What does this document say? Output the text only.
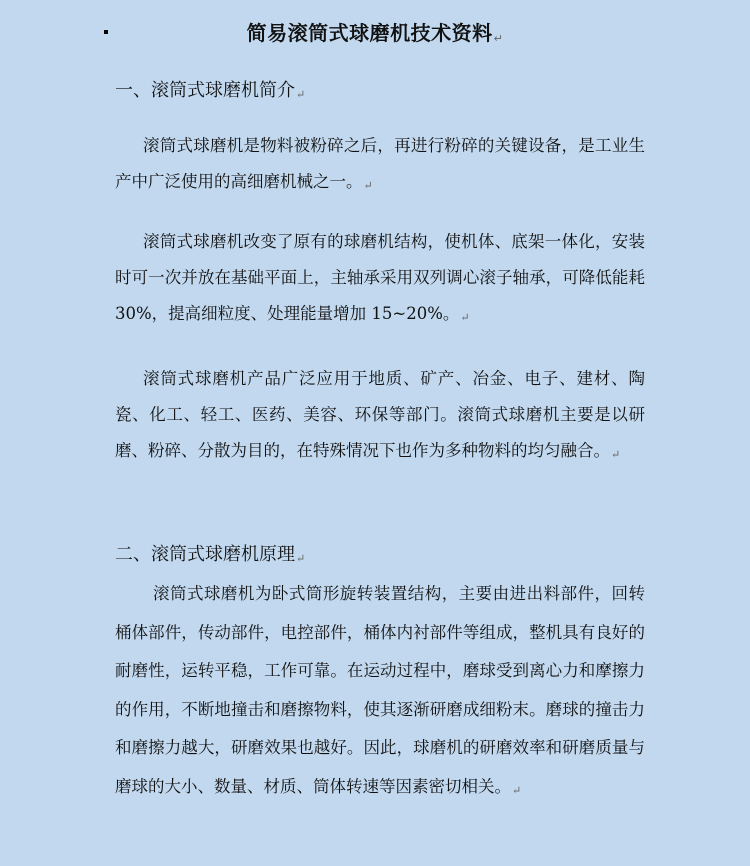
简易滚筒式球磨机技术资料↵
一、滚筒式球磨机简介↵
滚筒式球磨机是物料被粉碎之后，再进行粉碎的关键设备，是工业生产中广泛使用的高细磨机械之一。↵
滚筒式球磨机改变了原有的球磨机结构，使机体、底架一体化，安装时可一次并放在基础平面上，主轴承采用双列调心滚子轴承，可降低能耗 30%，提高细粒度、处理能量增加 15~20%。↵
滚筒式球磨机产品广泛应用于地质、矿产、冶金、电子、建材、陶瓷、化工、轻工、医药、美容、环保等部门。滚筒式球磨机主要是以研磨、粉碎、分散为目的，在特殊情况下也作为多种物料的均匀融合。↵
二、滚筒式球磨机原理↵
滚筒式球磨机为卧式筒形旋转装置结构，主要由进出料部件，回转桶体部件，传动部件，电控部件，桶体内衬部件等组成，整机具有良好的耐磨性，运转平稳，工作可靠。在运动过程中，磨球受到离心力和摩擦力的作用，不断地撞击和磨擦物料，使其逐渐研磨成细粉末。磨球的撞击力和磨擦力越大，研磨效果也越好。因此，球磨机的研磨效率和研磨质量与磨球的大小、数量、材质、筒体转速等因素密切相关。↵
